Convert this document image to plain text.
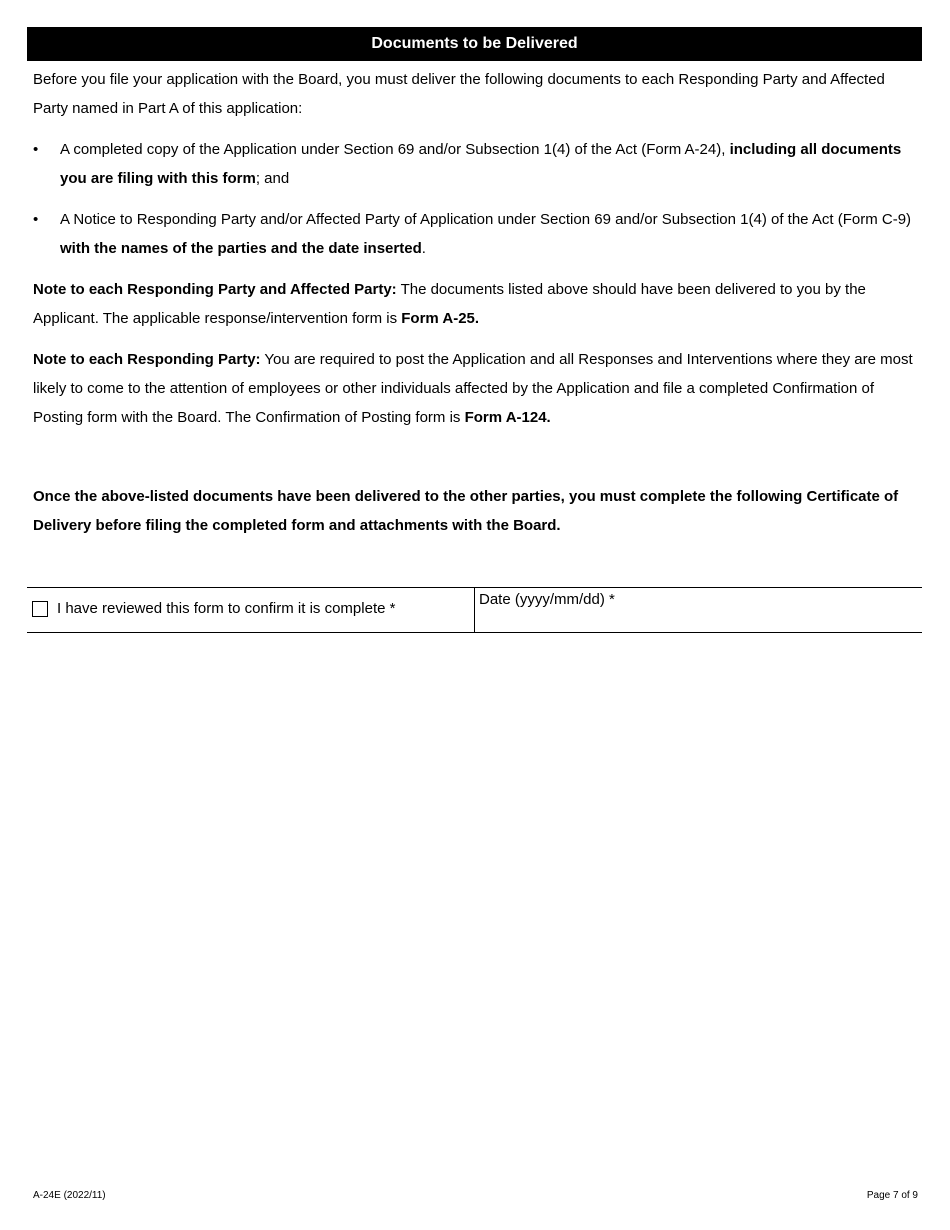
Documents to be Delivered

Before you file your application with the Board, you must deliver the following documents to each Responding Party and Affected Party named in Part A of this application:

•	A completed copy of the Application under Section 69 and/or Subsection 1(4) of the Act (Form A-24), including all documents you are filing with this form; and
•	A Notice to Responding Party and/or Affected Party of Application under Section 69 and/or Subsection 1(4) of the Act (Form C-9) with the names of the parties and the date inserted.

Note to each Responding Party and Affected Party: The documents listed above should have been delivered to you by the Applicant. The applicable response/intervention form is Form A-25.

Note to each Responding Party: You are required to post the Application and all Responses and Interventions where they are most likely to come to the attention of employees or other individuals affected by the Application and file a completed Confirmation of Posting form with the Board. The Confirmation of Posting form is Form A-124.

Once the above-listed documents have been delivered to the other parties, you must complete the following Certificate of Delivery before filing the completed form and attachments with the Board.

I have reviewed this form to confirm it is complete *
Date (yyyy/mm/dd) *
A-24E (2022/11)	Page 7 of 9
